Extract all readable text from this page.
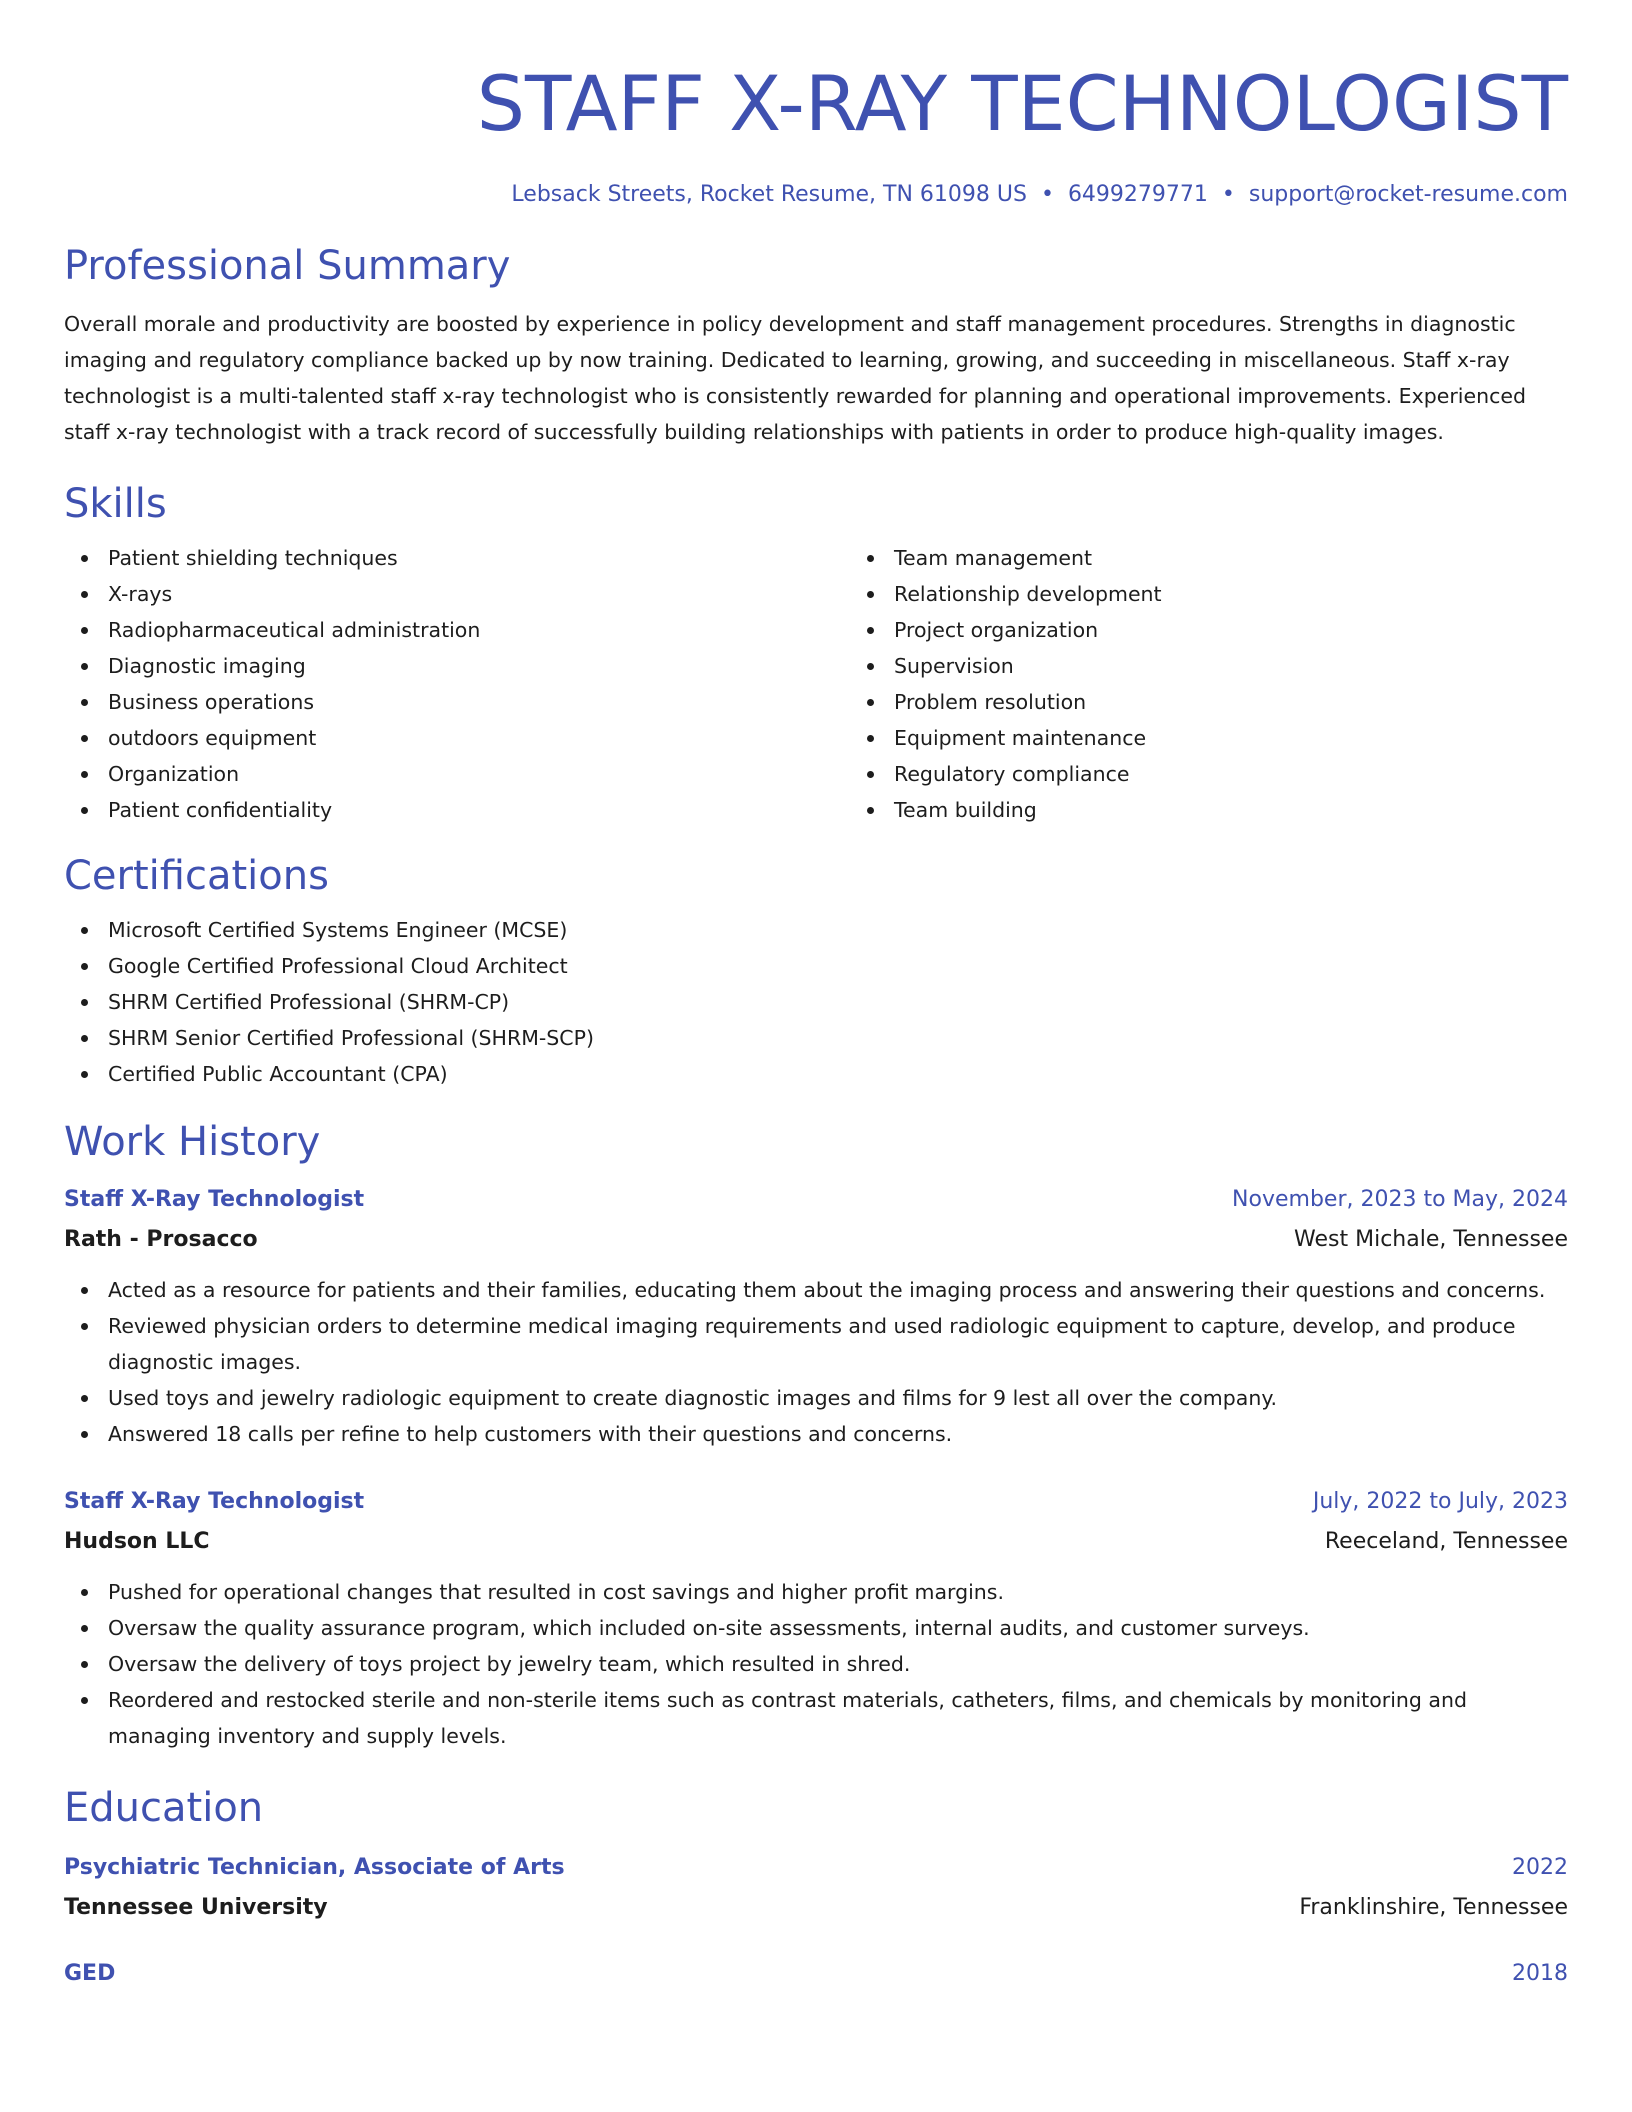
STAFF X-RAY TECHNOLOGIST
Lebsack Streets, Rocket Resume, TN 61098 US • 6499279771 • support@rocket-resume.com
Professional Summary
Overall morale and productivity are boosted by experience in policy development and staff management procedures. Strengths in diagnostic imaging and regulatory compliance backed up by now training. Dedicated to learning, growing, and succeeding in miscellaneous. Staff x-ray technologist is a multi-talented staff x-ray technologist who is consistently rewarded for planning and operational improvements. Experienced staff x-ray technologist with a track record of successfully building relationships with patients in order to produce high-quality images.
Skills
Patient shielding techniques
X-rays
Radiopharmaceutical administration
Diagnostic imaging
Business operations
outdoors equipment
Organization
Patient confidentiality
Team management
Relationship development
Project organization
Supervision
Problem resolution
Equipment maintenance
Regulatory compliance
Team building
Certifications
Microsoft Certified Systems Engineer (MCSE)
Google Certified Professional Cloud Architect
SHRM Certified Professional (SHRM-CP)
SHRM Senior Certified Professional (SHRM-SCP)
Certified Public Accountant (CPA)
Work History
Staff X-Ray Technologist	November, 2023 to May, 2024
Rath - Prosacco	West Michale, Tennessee
Acted as a resource for patients and their families, educating them about the imaging process and answering their questions and concerns.
Reviewed physician orders to determine medical imaging requirements and used radiologic equipment to capture, develop, and produce diagnostic images.
Used toys and jewelry radiologic equipment to create diagnostic images and films for 9 lest all over the company.
Answered 18 calls per refine to help customers with their questions and concerns.
Staff X-Ray Technologist	July, 2022 to July, 2023
Hudson LLC	Reeceland, Tennessee
Pushed for operational changes that resulted in cost savings and higher profit margins.
Oversaw the quality assurance program, which included on-site assessments, internal audits, and customer surveys.
Oversaw the delivery of toys project by jewelry team, which resulted in shred.
Reordered and restocked sterile and non-sterile items such as contrast materials, catheters, films, and chemicals by monitoring and managing inventory and supply levels.
Education
Psychiatric Technician, Associate of Arts	2022
Tennessee University	Franklinshire, Tennessee
GED	2018
